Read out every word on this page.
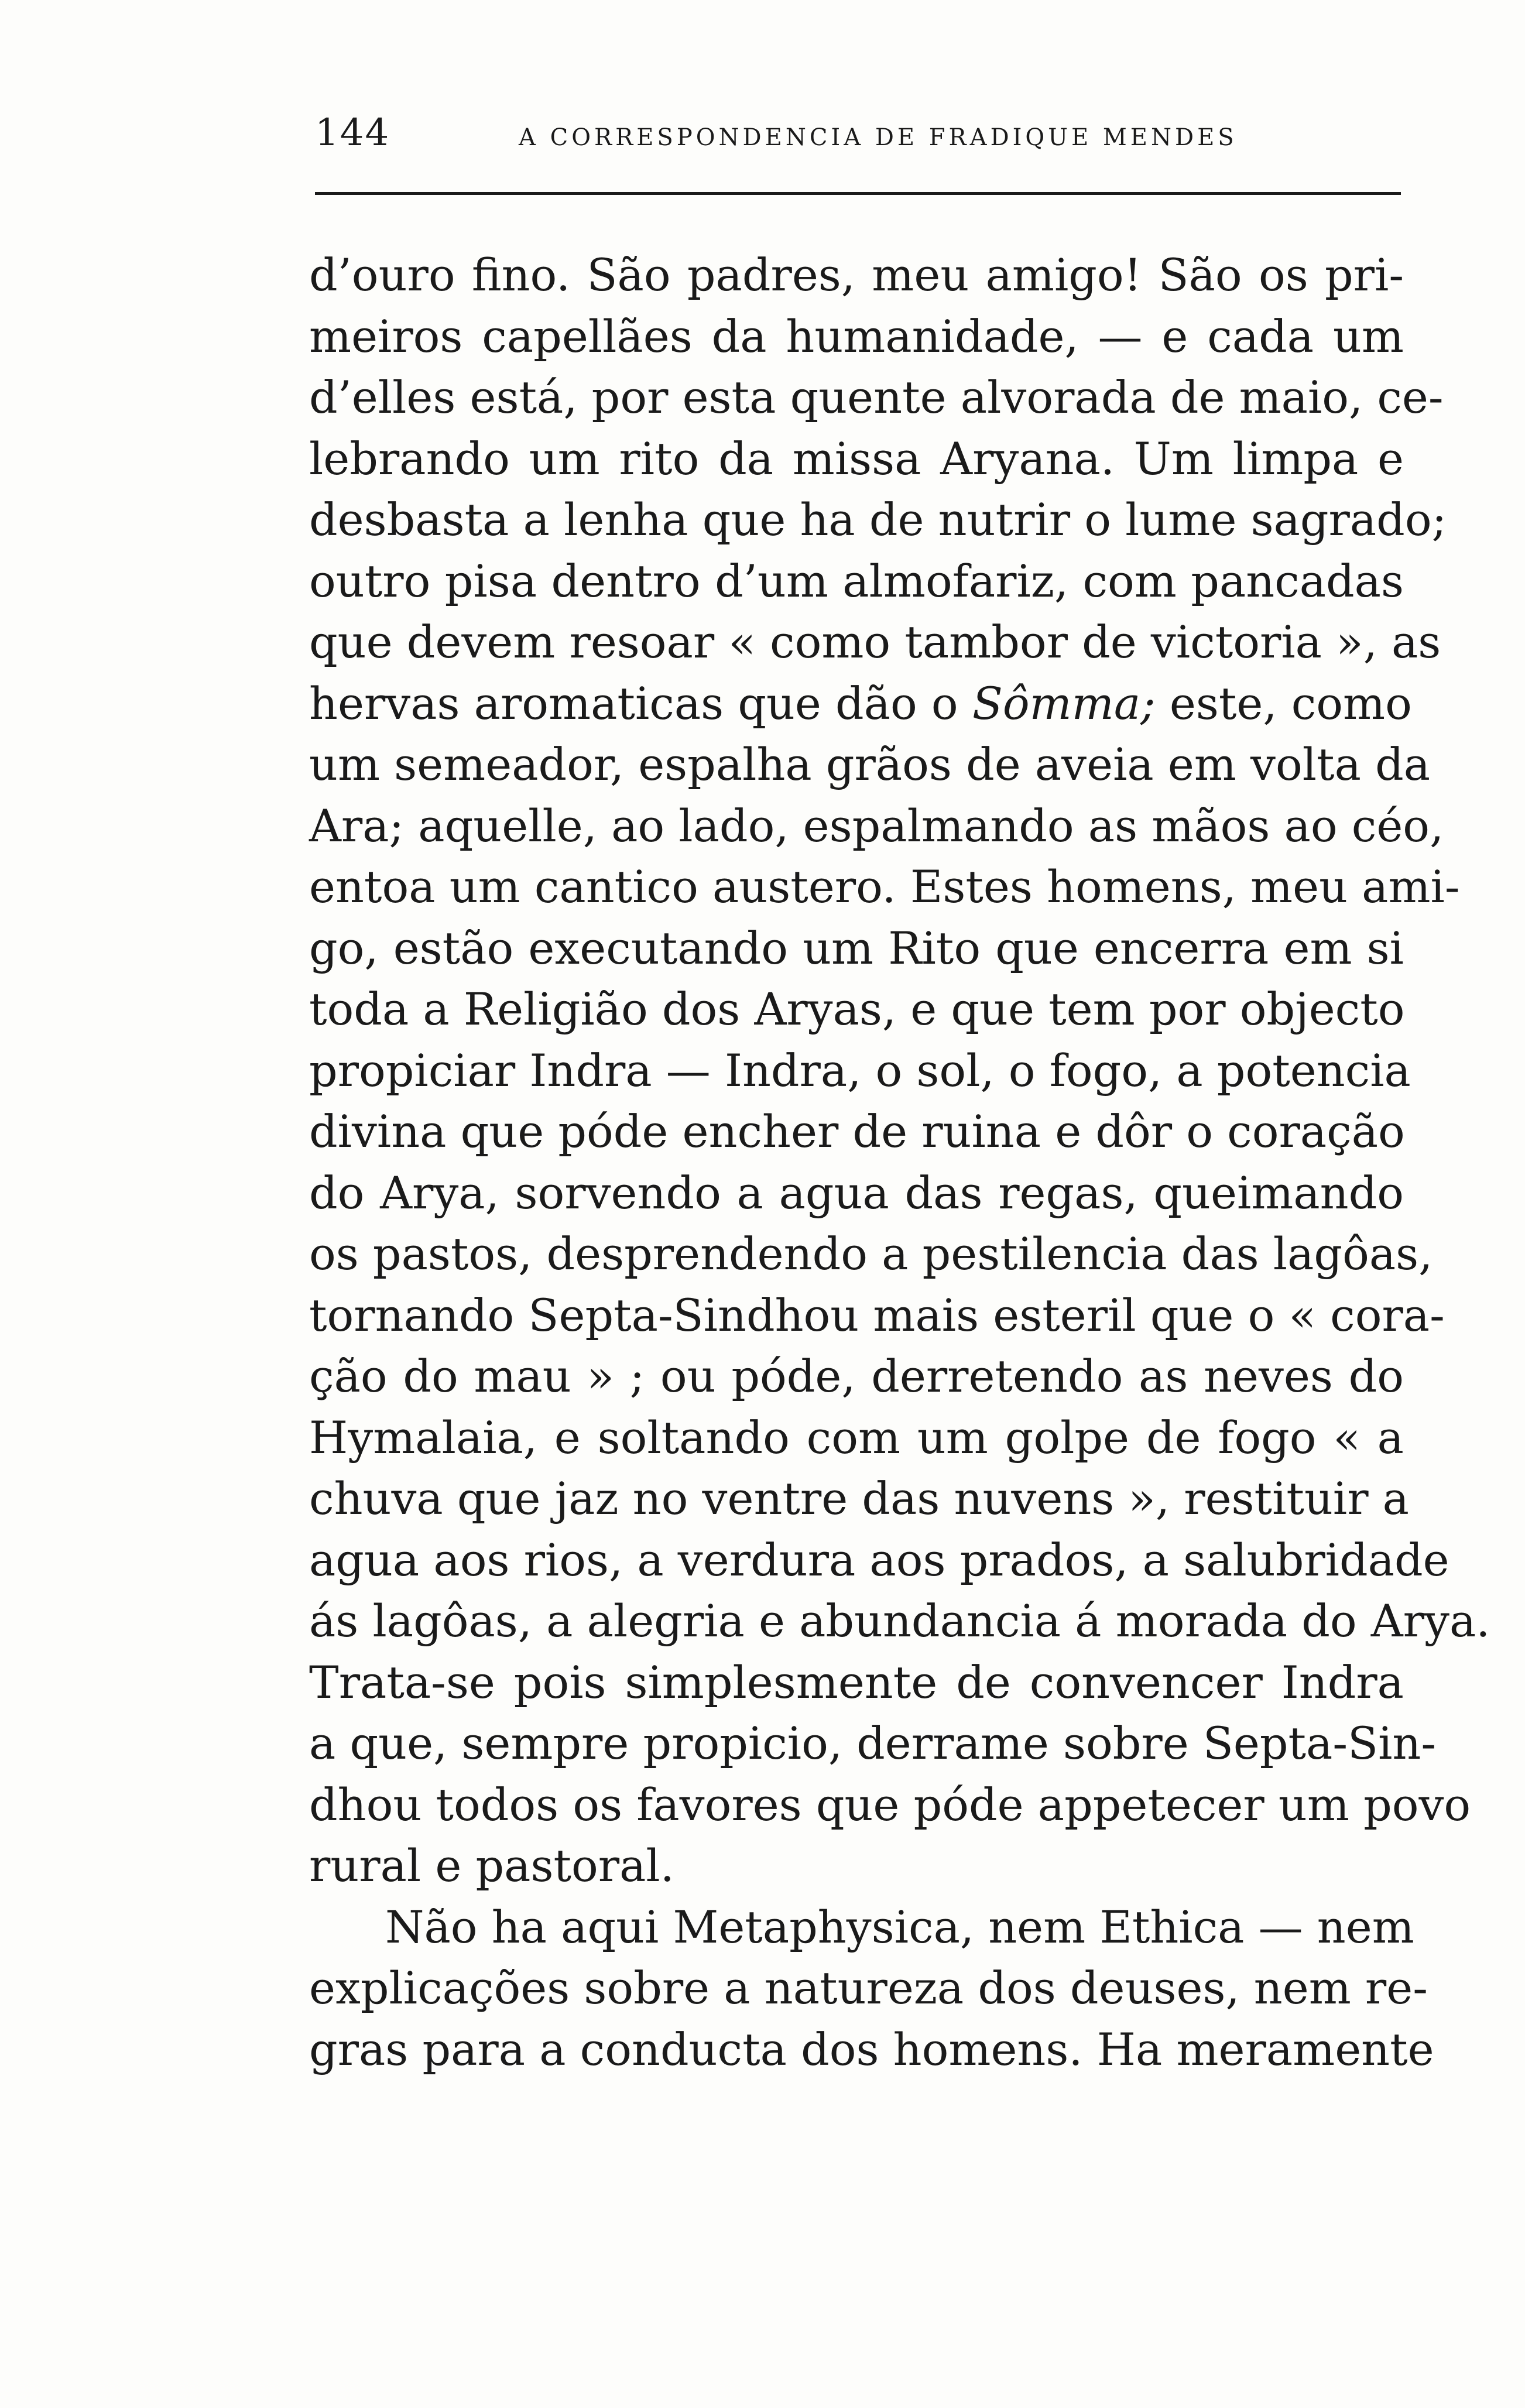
144	A CORRESPONDENCIA DE FRADIQUE MENDES
d’ouro fino. São padres, meu amigo! São os pri-
meiros capellães da humanidade, — e cada um
d’elles está, por esta quente alvorada de maio, ce-
lebrando um rito da missa Aryana. Um limpa e
desbasta a lenha que ha de nutrir o lume sagrado;
outro pisa dentro d’um almofariz, com pancadas
que devem resoar « como tambor de victoria », as
hervas aromaticas que dão o Sômma; este, como
um semeador, espalha grãos de aveia em volta da
Ara; aquelle, ao lado, espalmando as mãos ao céo,
entoa um cantico austero. Estes homens, meu ami-
go, estão executando um Rito que encerra em si
toda a Religião dos Aryas, e que tem por objecto
propiciar Indra — Indra, o sol, o fogo, a potencia
divina que póde encher de ruina e dôr o coração
do Arya, sorvendo a agua das regas, queimando
os pastos, desprendendo a pestilencia das lagôas,
tornando Septa-Sindhou mais esteril que o « cora-
ção do mau » ; ou póde, derretendo as neves do
Hymalaia, e soltando com um golpe de fogo « a
chuva que jaz no ventre das nuvens », restituir a
agua aos rios, a verdura aos prados, a salubridade
ás lagôas, a alegria e abundancia á morada do Arya.
Trata-se pois simplesmente de convencer Indra
a que, sempre propicio, derrame sobre Septa-Sin-
dhou todos os favores que póde appetecer um povo
rural e pastoral.
Não ha aqui Metaphysica, nem Ethica — nem
explicações sobre a natureza dos deuses, nem re-
gras para a conducta dos homens. Ha meramente
